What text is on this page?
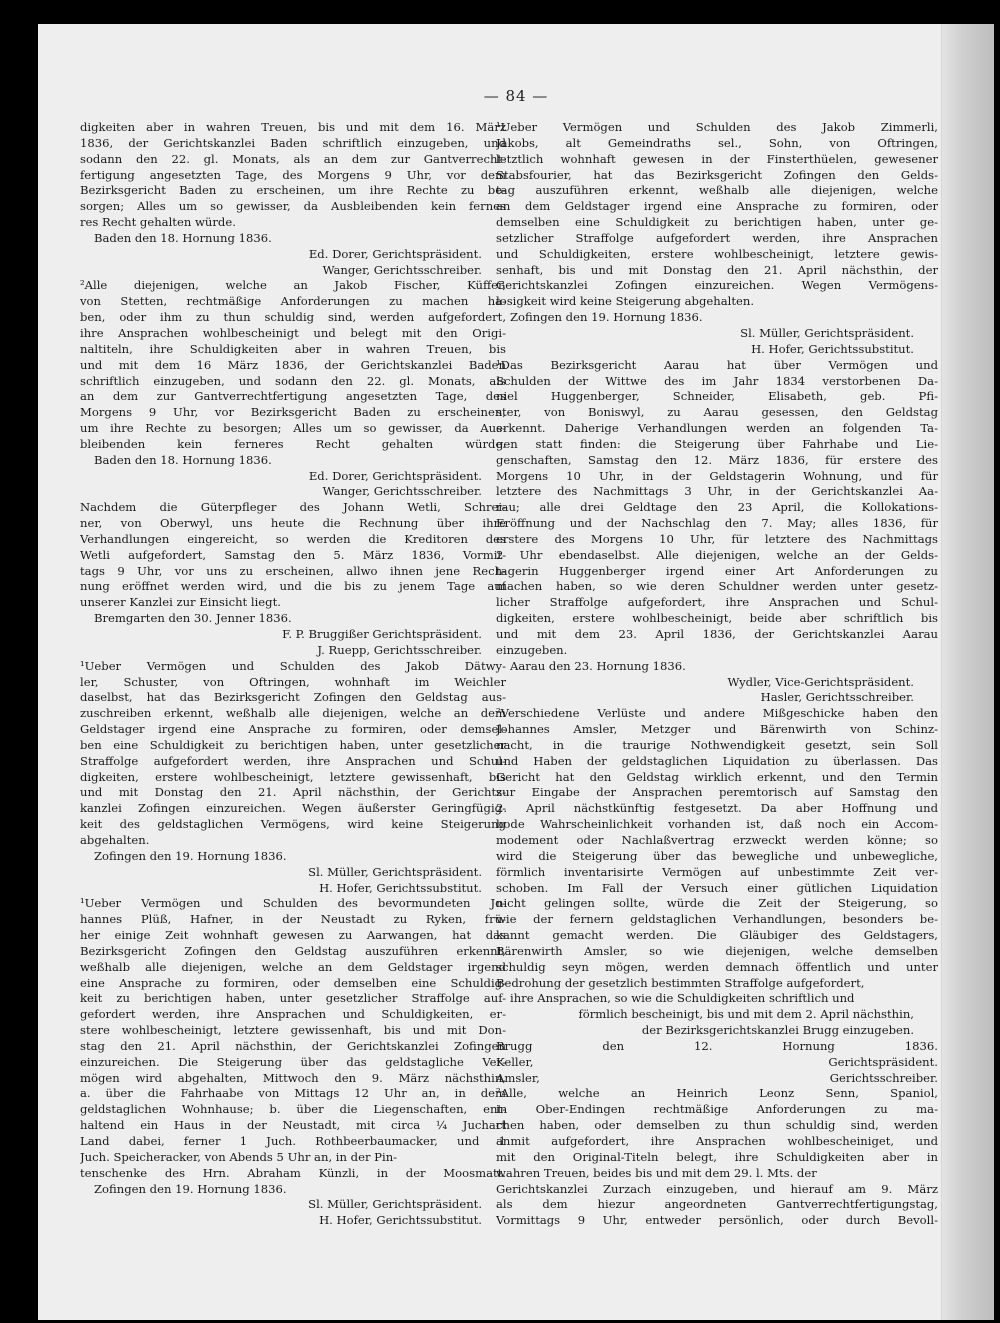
— 84 —
digkeiten aber in wahren Treuen, bis und mit dem 16. März
1836, der Gerichtskanzlei Baden schriftlich einzugeben, und
sodann den 22. gl. Monats, als an dem zur Gantverrecht-
fertigung angesetzten Tage, des Morgens 9 Uhr, vor dem
Bezirksgericht Baden zu erscheinen, um ihre Rechte zu be-
sorgen; Alles um so gewisser, da Ausbleibenden kein fernes
res Recht gehalten würde.
Baden den 18. Hornung 1836.
Ed. Dorer, Gerichtspräsident.
Wanger, Gerichtsschreiber.
²Alle diejenigen, welche an Jakob Fischer, Küffer,
von Stetten, rechtmäßige Anforderungen zu machen ha-
ben, oder ihm zu thun schuldig sind, werden aufgefordert,
ihre Ansprachen wohlbescheinigt und belegt mit den Origi-
naltiteln, ihre Schuldigkeiten aber in wahren Treuen, bis
und mit dem 16 März 1836, der Gerichtskanzlei Baden
schriftlich einzugeben, und sodann den 22. gl. Monats, als
an dem zur Gantverrechtfertigung angesetzten Tage, des
Morgens 9 Uhr, vor Bezirksgericht Baden zu erscheinen,
um ihre Rechte zu besorgen; Alles um so gewisser, da Aus-
bleibenden kein ferneres Recht gehalten würde.
Baden den 18. Hornung 1836.
Ed. Dorer, Gerichtspräsident.
Wanger, Gerichtsschreiber.
Nachdem die Güterpfleger des Johann Wetli, Schrei-
ner, von Oberwyl, uns heute die Rechnung über ihre
Verhandlungen eingereicht, so werden die Kreditoren des
Wetli aufgefordert, Samstag den 5. März 1836, Vormit-
tags 9 Uhr, vor uns zu erscheinen, allwo ihnen jene Rech-
nung eröffnet werden wird, und die bis zu jenem Tage auf
unserer Kanzlei zur Einsicht liegt.
Bremgarten den 30. Jenner 1836.
F. P. Bruggißer Gerichtspräsident.
J. Ruepp, Gerichtsschreiber.
¹Ueber Vermögen und Schulden des Jakob Dätwy-
ler, Schuster, von Oftringen, wohnhaft im Weichler
daselbst, hat das Bezirksgericht Zofingen den Geldstag aus-
zuschreiben erkennt, weßhalb alle diejenigen, welche an dem
Geldstager irgend eine Ansprache zu formiren, oder demsel-
ben eine Schuldigkeit zu berichtigen haben, unter gesetzlicher
Straffolge aufgefordert werden, ihre Ansprachen und Schul-
digkeiten, erstere wohlbescheinigt, letztere gewissenhaft, bis
und mit Donstag den 21. April nächsthin, der Gerichts-
kanzlei Zofingen einzureichen. Wegen äußerster Geringfügig-
keit des geldstaglichen Vermögens, wird keine Steigerung
abgehalten.
Zofingen den 19. Hornung 1836.
Sl. Müller, Gerichtspräsident.
H. Hofer, Gerichtssubstitut.
¹Ueber Vermögen und Schulden des bevormundeten Jo-
hannes Plüß, Hafner, in der Neustadt zu Ryken, frü-
her einige Zeit wohnhaft gewesen zu Aarwangen, hat das
Bezirksgericht Zofingen den Geldstag auszuführen erkennt,
weßhalb alle diejenigen, welche an dem Geldstager irgend
eine Ansprache zu formiren, oder demselben eine Schuldig-
keit zu berichtigen haben, unter gesetzlicher Straffolge auf-
gefordert werden, ihre Ansprachen und Schuldigkeiten, er-
stere wohlbescheinigt, letztere gewissenhaft, bis und mit Don-
stag den 21. April nächsthin, der Gerichtskanzlei Zofingen
einzureichen. Die Steigerung über das geldstagliche Ver-
mögen wird abgehalten, Mittwoch den 9. März nächsthin,
a. über die Fahrhaabe von Mittags 12 Uhr an, in dem
geldstaglichen Wohnhause; b. über die Liegenschaften, ent-
haltend ein Haus in der Neustadt, mit circa ¼ Juchart
Land dabei, ferner 1 Juch. Rothbeerbaumacker, und 1
Juch. Speicheracker, von Abends 5 Uhr an, in der Pin-
tenschenke des Hrn. Abraham Künzli, in der Moosmatt.
Zofingen den 19. Hornung 1836.
Sl. Müller, Gerichtspräsident.
H. Hofer, Gerichtssubstitut.
¹Ueber Vermögen und Schulden des Jakob Zimmerli,
Jakobs, alt Gemeindraths sel., Sohn, von Oftringen,
letztlich wohnhaft gewesen in der Finsterthüelen, gewesener
Stabsfourier, hat das Bezirksgericht Zofingen den Gelds-
tag auszuführen erkennt, weßhalb alle diejenigen, welche
an dem Geldstager irgend eine Ansprache zu formiren, oder
demselben eine Schuldigkeit zu berichtigen haben, unter ge-
setzlicher Straffolge aufgefordert werden, ihre Ansprachen
und Schuldigkeiten, erstere wohlbescheinigt, letztere gewis-
senhaft, bis und mit Donstag den 21. April nächsthin, der
Gerichtskanzlei Zofingen einzureichen. Wegen Vermögens-
losigkeit wird keine Steigerung abgehalten.
Zofingen den 19. Hornung 1836.
Sl. Müller, Gerichtspräsident.
H. Hofer, Gerichtssubstitut.
¹Das Bezirksgericht Aarau hat über Vermögen und
Schulden der Wittwe des im Jahr 1834 verstorbenen Da-
niel Huggenberger, Schneider, Elisabeth, geb. Pfi-
ster, von Boniswyl, zu Aarau gesessen, den Geldstag
erkennt. Daherige Verhandlungen werden an folgenden Ta-
gen statt finden: die Steigerung über Fahrhabe und Lie-
genschaften, Samstag den 12. März 1836, für erstere des
Morgens 10 Uhr, in der Geldstagerin Wohnung, und für
letztere des Nachmittags 3 Uhr, in der Gerichtskanzlei Aa-
rau; alle drei Geldtage den 23 April, die Kollokations-
Eröffnung und der Nachschlag den 7. May; alles 1836, für
erstere des Morgens 10 Uhr, für letztere des Nachmittags
2 Uhr ebendaselbst. Alle diejenigen, welche an der Gelds-
tagerin Huggenberger irgend einer Art Anforderungen zu
machen haben, so wie deren Schuldner werden unter gesetz-
licher Straffolge aufgefordert, ihre Ansprachen und Schul-
digkeiten, erstere wohlbescheinigt, beide aber schriftlich bis
und mit dem 23. April 1836, der Gerichtskanzlei Aarau
einzugeben.
Aarau den 23. Hornung 1836.
Wydler, Vice-Gerichtspräsident.
Hasler, Gerichtsschreiber.
²Verschiedene Verlüste und andere Mißgeschicke haben den
Johannes Amsler, Metzger und Bärenwirth von Schinz-
nacht, in die traurige Nothwendigkeit gesetzt, sein Soll
und Haben der geldstaglichen Liquidation zu überlassen. Das
Gericht hat den Geldstag wirklich erkennt, und den Termin
zur Eingabe der Ansprachen peremtorisch auf Samstag den
2. April nächstkünftig festgesetzt. Da aber Hoffnung und
bode Wahrscheinlichkeit vorhanden ist, daß noch ein Accom-
modement oder Nachlaßvertrag erzweckt werden könne; so
wird die Steigerung über das bewegliche und unbewegliche,
förmlich inventarisirte Vermögen auf unbestimmte Zeit ver-
schoben. Im Fall der Versuch einer gütlichen Liquidation
nicht gelingen sollte, würde die Zeit der Steigerung, so
wie der fernern geldstaglichen Verhandlungen, besonders be-
kannt gemacht werden. Die Gläubiger des Geldstagers,
Bärenwirth Amsler, so wie diejenigen, welche demselben
schuldig seyn mögen, werden demnach öffentlich und unter
Bedrohung der gesetzlich bestimmten Straffolge aufgefordert,
ihre Ansprachen, so wie die Schuldigkeiten schriftlich und
förmlich bescheinigt, bis und mit dem 2. April nächsthin,
der Bezirksgerichtskanzlei Brugg einzugeben.
Brugg den 12. Hornung 1836.
Keller, Gerichtspräsident.
Amsler, Gerichtsschreiber.
²Alle, welche an Heinrich Leonz Senn, Spaniol,
in Ober-Endingen rechtmäßige Anforderungen zu ma-
chen haben, oder demselben zu thun schuldig sind, werden
anmit aufgefordert, ihre Ansprachen wohlbescheiniget, und
mit den Original-Titeln belegt, ihre Schuldigkeiten aber in
wahren Treuen, beides bis und mit dem 29. l. Mts. der
Gerichtskanzlei Zurzach einzugeben, und hierauf am 9. März
als dem hiezur angeordneten Gantverrechtfertigungstag,
Vormittags 9 Uhr, entweder persönlich, oder durch Bevoll-
